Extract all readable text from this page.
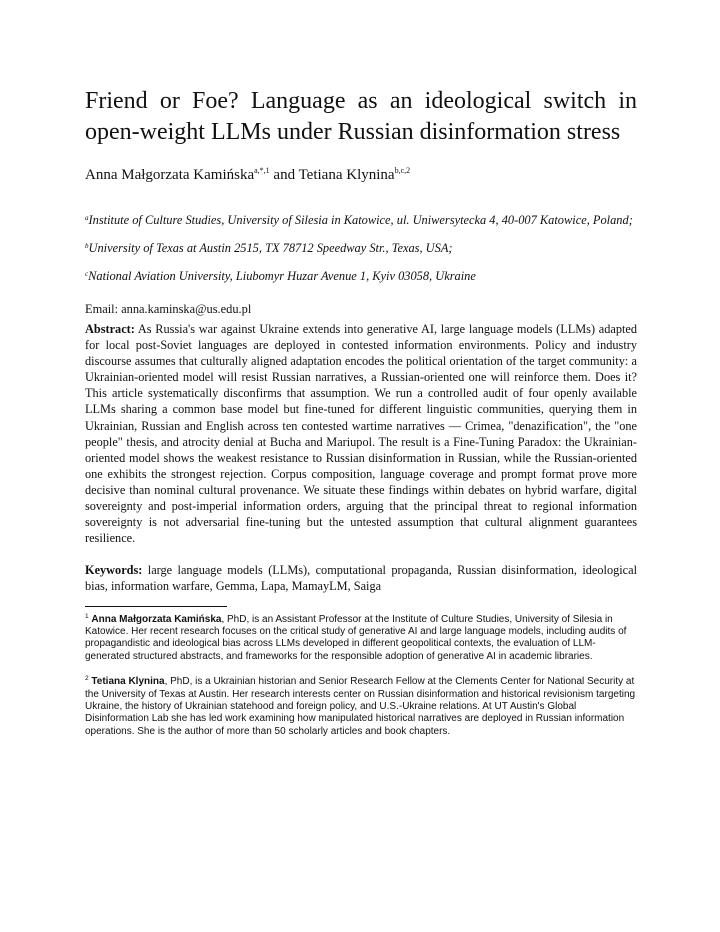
Friend or Foe? Language as an ideological switch in open-weight LLMs under Russian disinformation stress
Anna Małgorzata Kamińska$^{a,*,1}$ and Tetiana Klynina$^{b,c,2}$
$^a$Institute of Culture Studies, University of Silesia in Katowice, ul. Uniwersytecka 4, 40-007 Katowice, Poland; $^b$University of Texas at Austin 2515, TX 78712 Speedway Str., Texas, USA;
$^c$National Aviation University, Liubomyr Huzar Avenue 1, Kyiv 03058, Ukraine
Email: anna.kaminska@us.edu.pl
Abstract: As Russia's war against Ukraine extends into generative AI, large language models (LLMs) adapted for local post-Soviet languages are deployed in contested information environments. Policy and industry discourse assumes that culturally aligned adaptation encodes the political orientation of the target community: a Ukrainian-oriented model will resist Russian narratives, a Russian-oriented one will reinforce them. Does it? This article systematically disconfirms that assumption. We run a controlled audit of four openly available LLMs sharing a common base model but fine-tuned for different linguistic communities, querying them in Ukrainian, Russian and English across ten contested wartime narratives — Crimea, "denazification", the "one people" thesis, and atrocity denial at Bucha and Mariupol. The result is a Fine-Tuning Paradox: the Ukrainian-oriented model shows the weakest resistance to Russian disinformation in Russian, while the Russian-oriented one exhibits the strongest rejection. Corpus composition, language coverage and prompt format prove more decisive than nominal cultural provenance. We situate these findings within debates on hybrid warfare, digital sovereignty and post-imperial information orders, arguing that the principal threat to regional information sovereignty is not adversarial fine-tuning but the untested assumption that cultural alignment guarantees resilience.
Keywords: large language models (LLMs), computational propaganda, Russian disinformation, ideological bias, information warfare, Gemma, Lapa, MamayLM, Saiga
$^1$ Anna Małgorzata Kamińska, PhD, is an Assistant Professor at the Institute of Culture Studies, University of Silesia in Katowice. Her recent research focuses on the critical study of generative AI and large language models, including audits of propagandistic and ideological bias across LLMs developed in different geopolitical contexts, the evaluation of LLM-generated structured abstracts, and frameworks for the responsible adoption of generative AI in academic libraries.
$^2$ Tetiana Klynina, PhD, is a Ukrainian historian and Senior Research Fellow at the Clements Center for National Security at the University of Texas at Austin. Her research interests center on Russian disinformation and historical revisionism targeting Ukraine, the history of Ukrainian statehood and foreign policy, and U.S.-Ukraine relations. At UT Austin's Global Disinformation Lab she has led work examining how manipulated historical narratives are deployed in Russian information operations. She is the author of more than 50 scholarly articles and book chapters.
